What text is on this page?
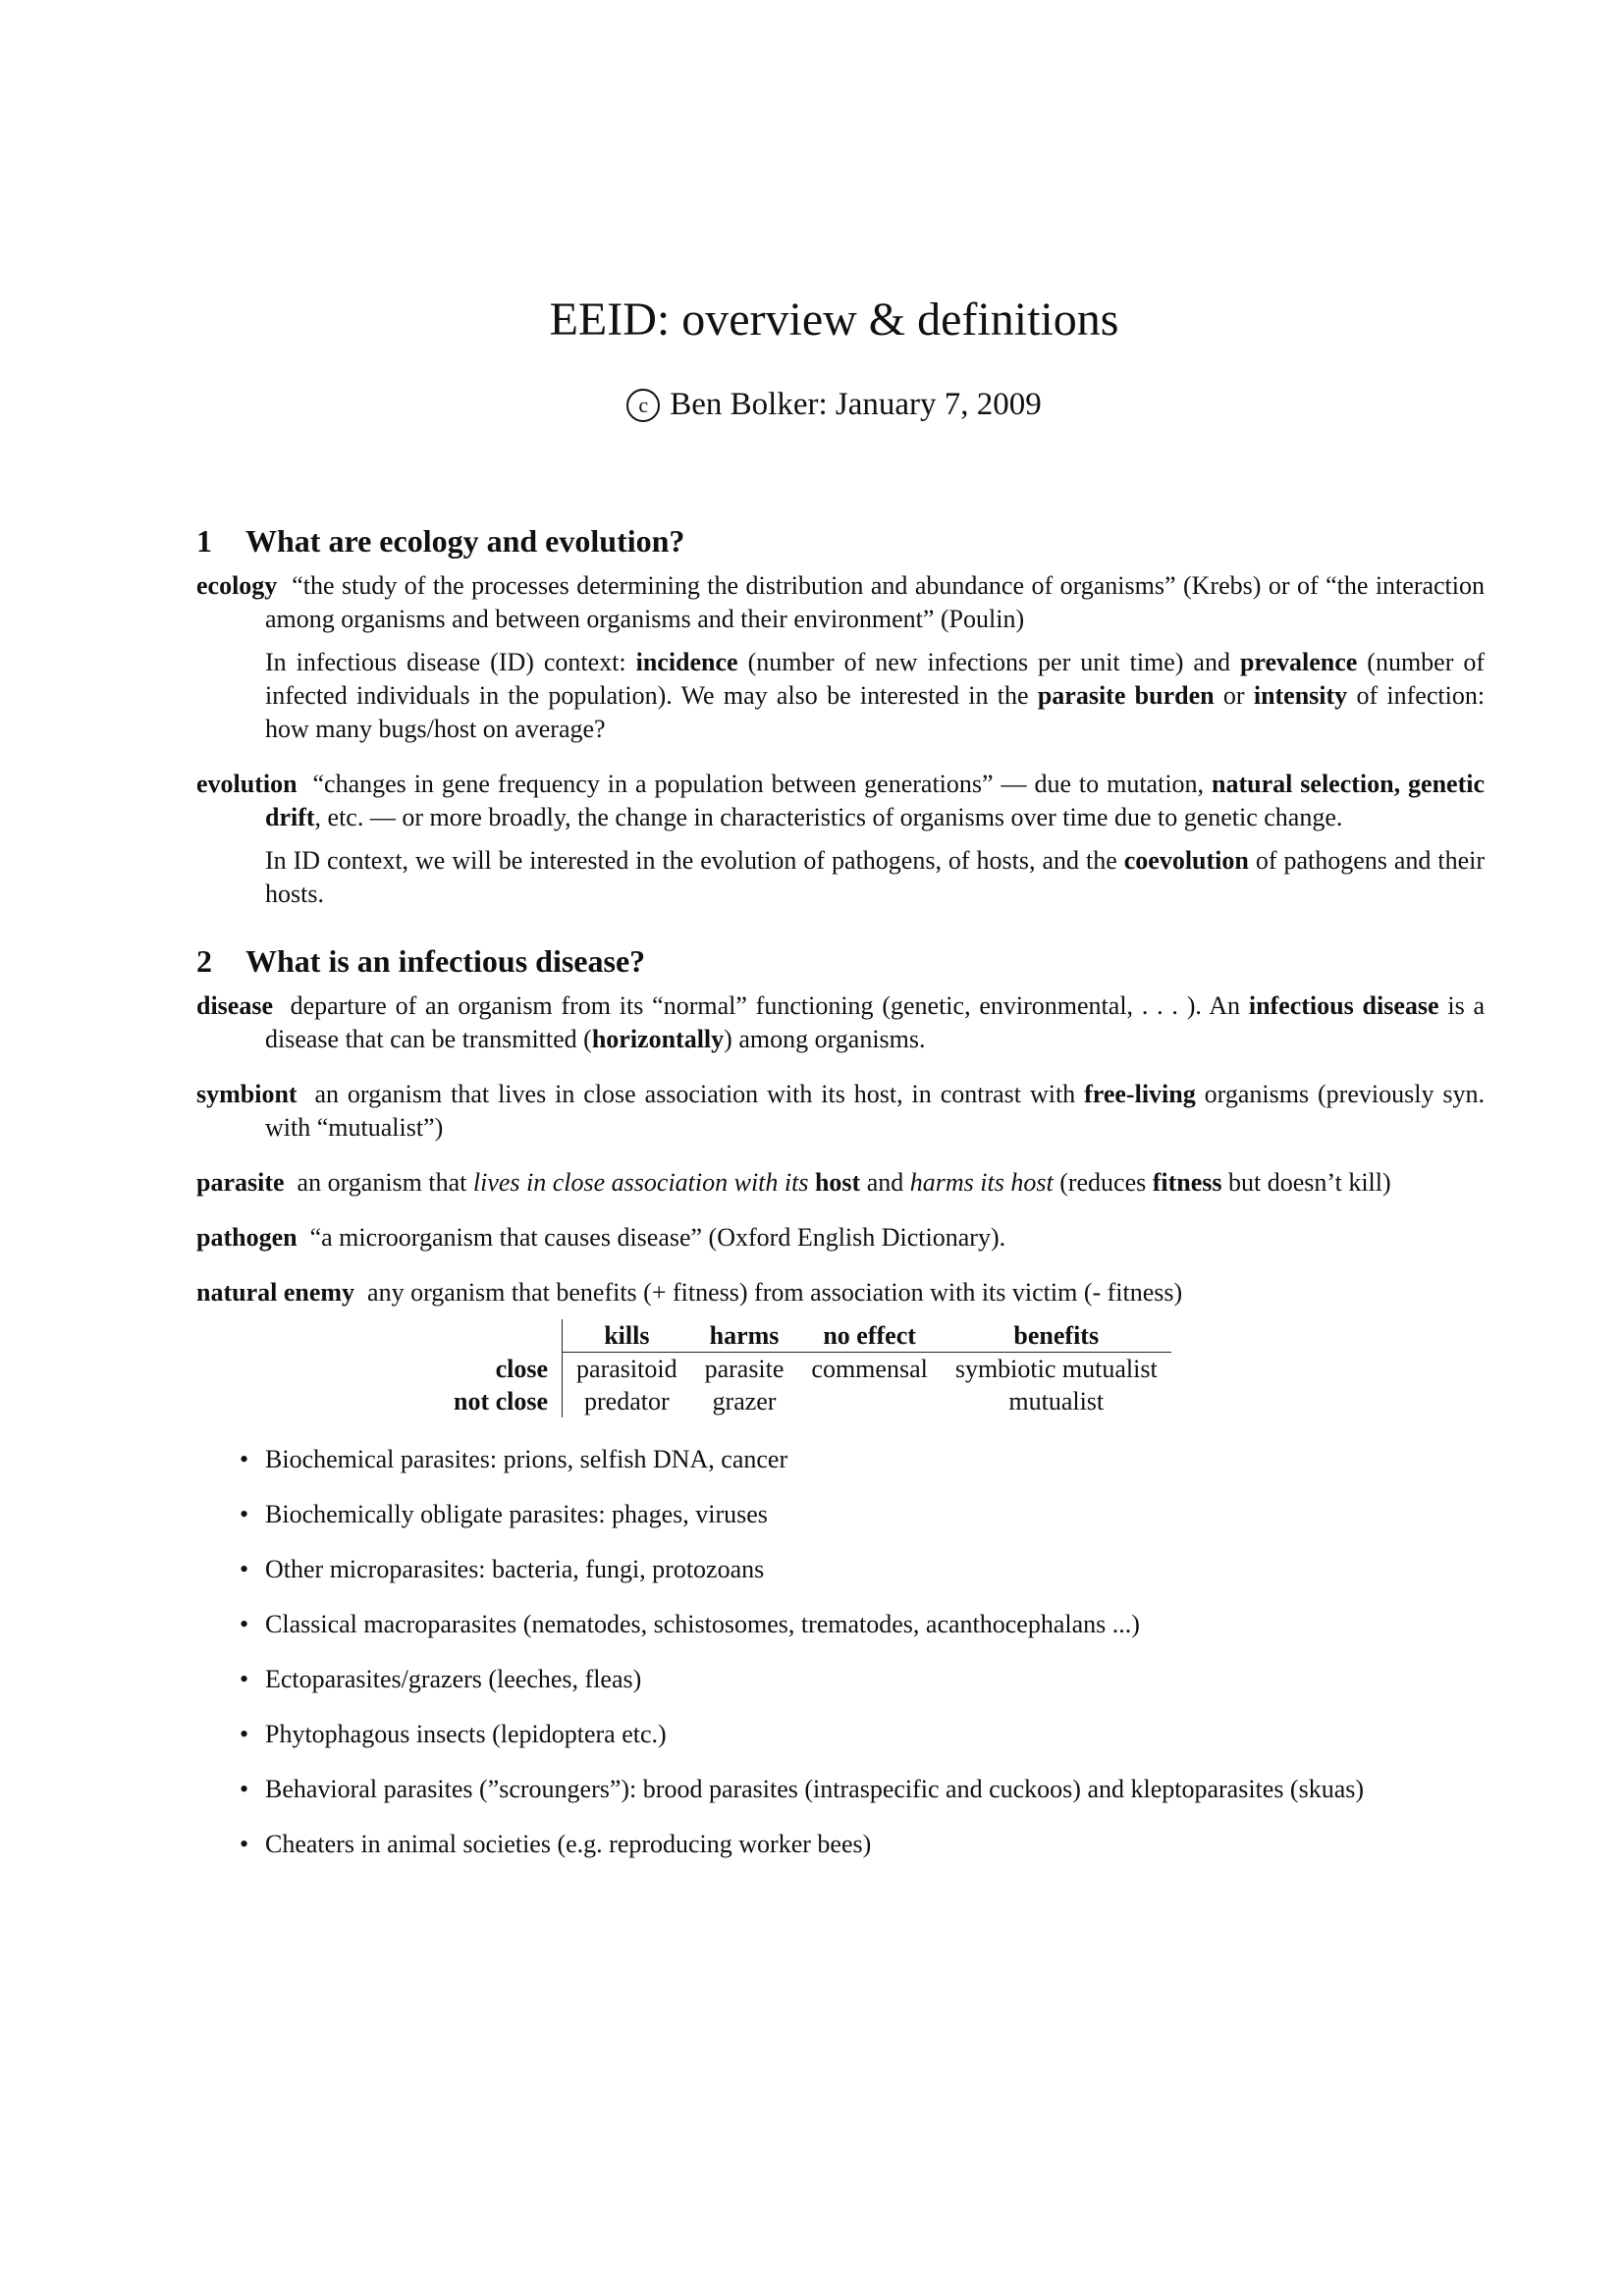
EEID: overview & definitions
c Ben Bolker: January 7, 2009
1 What are ecology and evolution?
ecology “the study of the processes determining the distribution and abundance of organisms” (Krebs) or of “the interaction among organisms and between organisms and their environment” (Poulin)
In infectious disease (ID) context: incidence (number of new infections per unit time) and prevalence (number of infected individuals in the population). We may also be interested in the parasite burden or intensity of infection: how many bugs/host on average?
evolution “changes in gene frequency in a population between generations” — due to mutation, natural selection, genetic drift, etc. — or more broadly, the change in characteristics of organisms over time due to genetic change.
In ID context, we will be interested in the evolution of pathogens, of hosts, and the coevolution of pathogens and their hosts.
2 What is an infectious disease?
disease departure of an organism from its “normal” functioning (genetic, environmental, . . . ). An infectious disease is a disease that can be transmitted (horizontally) among organisms.
symbiont an organism that lives in close association with its host, in contrast with free-living organisms (previously syn. with “mutualist”)
parasite an organism that lives in close association with its host and harms its host (reduces fitness but doesn’t kill)
pathogen “a microorganism that causes disease” (Oxford English Dictionary).
natural enemy any organism that benefits (+ fitness) from association with its victim (- fitness)
	kills	harms	no effect	benefits
close	parasitoid	parasite	commensal	symbiotic mutualist
not close	predator	grazer		mutualist
• Biochemical parasites: prions, selfish DNA, cancer
• Biochemically obligate parasites: phages, viruses
• Other microparasites: bacteria, fungi, protozoans
• Classical macroparasites (nematodes, schistosomes, trematodes, acanthocephalans ...)
• Ectoparasites/grazers (leeches, fleas)
• Phytophagous insects (lepidoptera etc.)
• Behavioral parasites (”scroungers”): brood parasites (intraspecific and cuckoos) and kleptoparasites (skuas)
• Cheaters in animal societies (e.g. reproducing worker bees)
